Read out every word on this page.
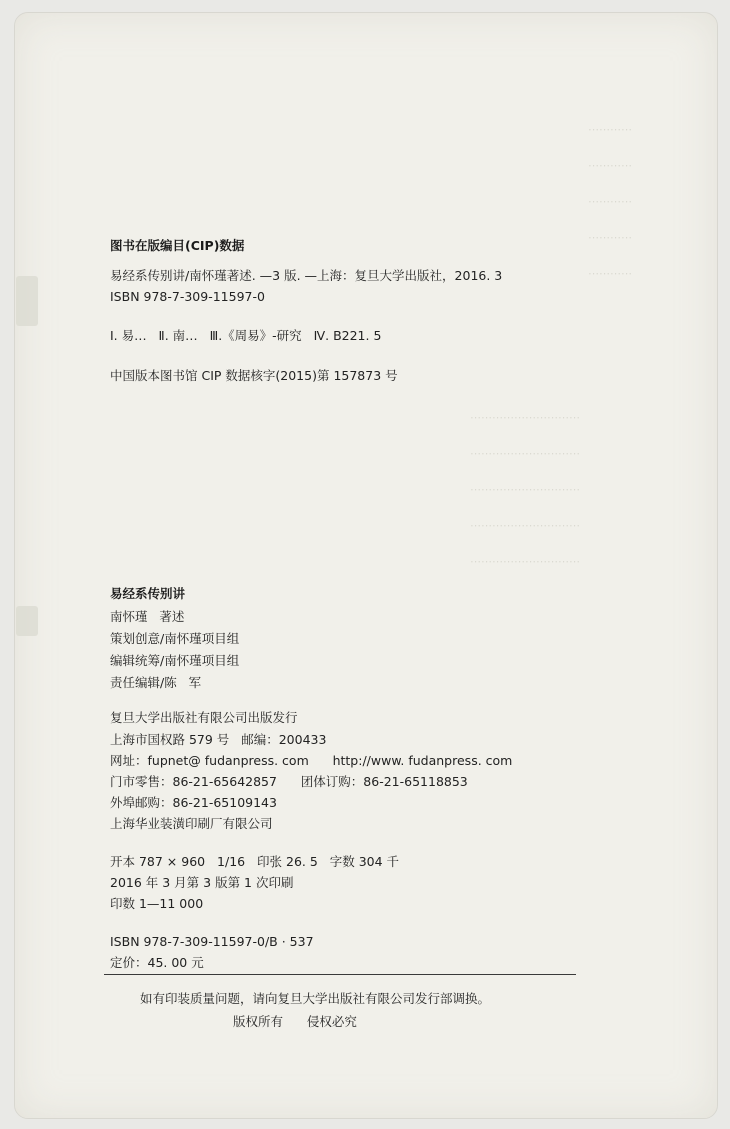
⋯⋯⋯⋯
⋯⋯⋯⋯
⋯⋯⋯⋯
⋯⋯⋯⋯
⋯⋯⋯⋯
⋯⋯⋯⋯⋯⋯⋯⋯⋯⋯
⋯⋯⋯⋯⋯⋯⋯⋯⋯⋯
⋯⋯⋯⋯⋯⋯⋯⋯⋯⋯
⋯⋯⋯⋯⋯⋯⋯⋯⋯⋯
⋯⋯⋯⋯⋯⋯⋯⋯⋯⋯
图书在版编目(CIP)数据
易经系传别讲/南怀瑾著述. —3 版. —上海：复旦大学出版社，2016. 3
ISBN 978-7-309-11597-0
Ⅰ. 易…   Ⅱ. 南…   Ⅲ.《周易》-研究   Ⅳ. B221. 5
中国版本图书馆 CIP 数据核字(2015)第 157873 号
易经系传别讲
南怀瑾   著述
策划创意/南怀瑾项目组
编辑统筹/南怀瑾项目组
责任编辑/陈   军
复旦大学出版社有限公司出版发行
上海市国权路 579 号   邮编：200433
网址：fupnet@ fudanpress. com      http://www. fudanpress. com
门市零售：86-21-65642857      团体订购：86-21-65118853
外埠邮购：86-21-65109143
上海华业装潢印刷厂有限公司
开本 787 × 960   1/16   印张 26. 5   字数 304 千
2016 年 3 月第 3 版第 1 次印刷
印数 1—11 000
ISBN 978-7-309-11597-0/B · 537
定价：45. 00 元
如有印装质量问题，请向复旦大学出版社有限公司发行部调换。
版权所有      侵权必究
